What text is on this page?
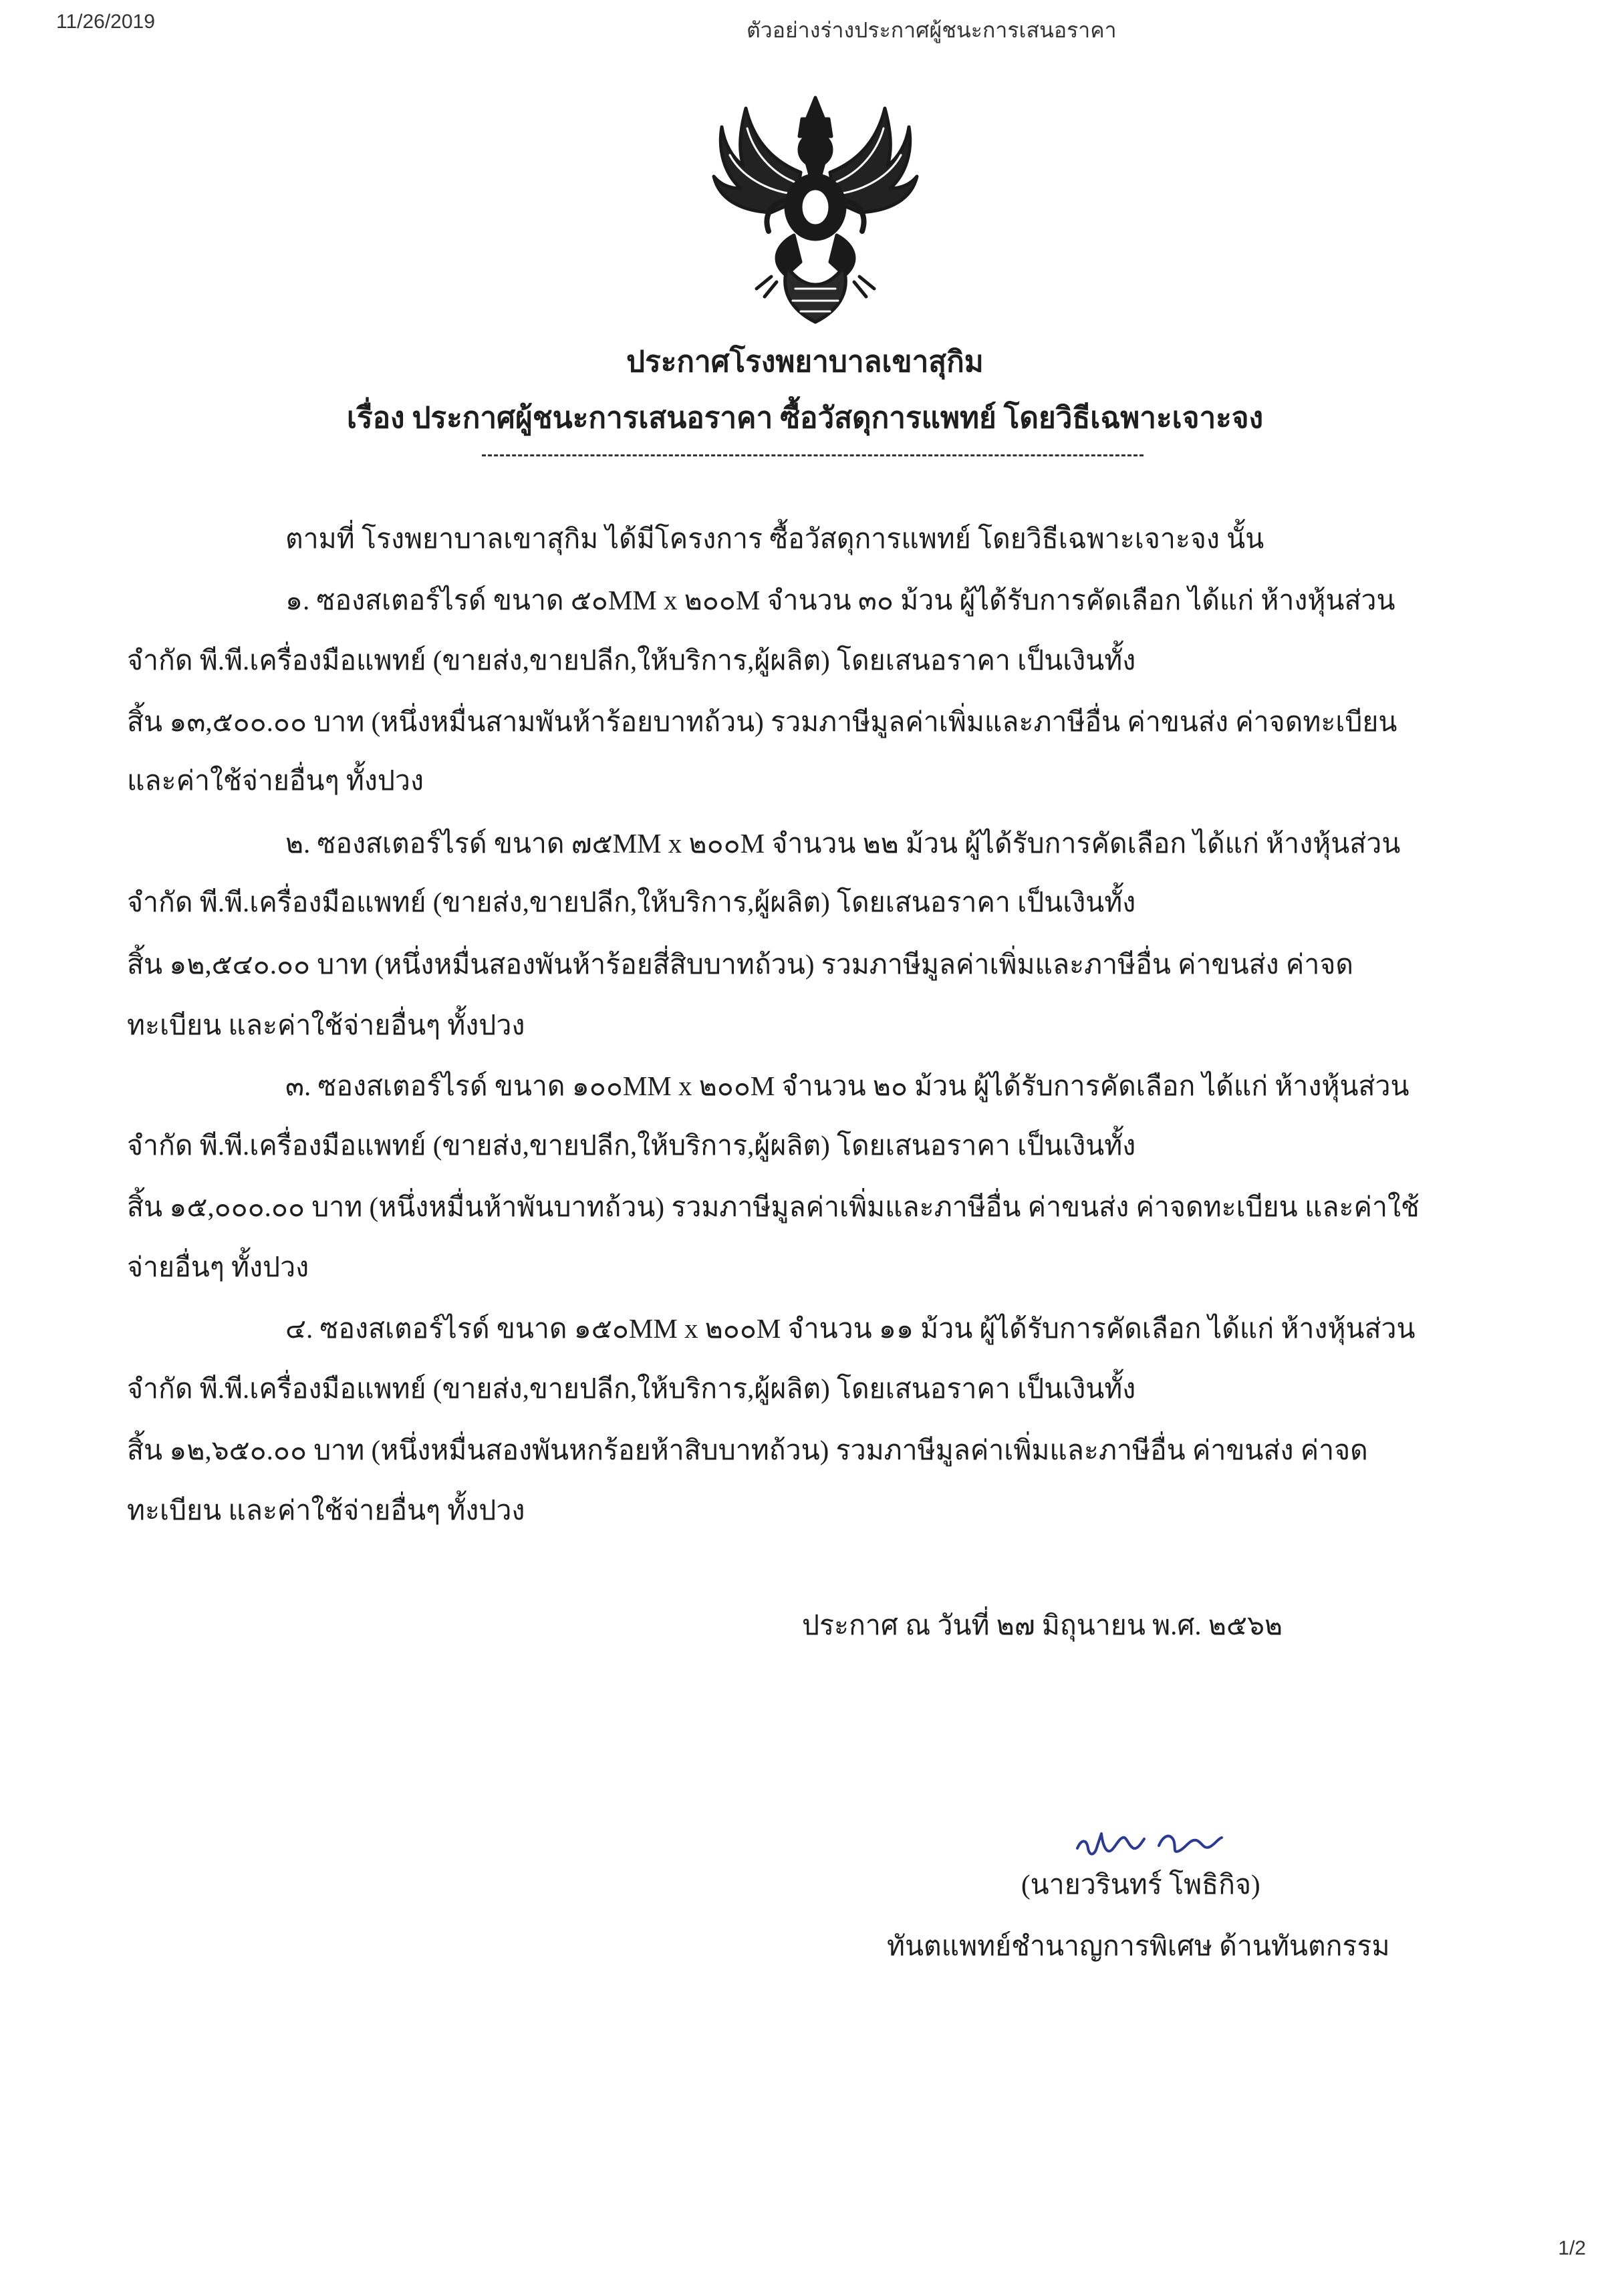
11/26/2019	ตัวอย่างร่างประกาศผู้ชนะการเสนอราคา
ประกาศโรงพยาบาลเขาสุกิม
เรื่อง ประกาศผู้ชนะการเสนอราคา ซื้อวัสดุการแพทย์ โดยวิธีเฉพาะเจาะจง
ตามที่ โรงพยาบาลเขาสุกิม ได้มีโครงการ ซื้อวัสดุการแพทย์ โดยวิธีเฉพาะเจาะจง นั้น
๑. ซองสเตอร์ไรด์ ขนาด ๕๐MM x ๒๐๐M จำนวน ๓๐ ม้วน ผู้ได้รับการคัดเลือก ได้แก่ ห้างหุ้นส่วน
จำกัด พี.พี.เครื่องมือแพทย์ (ขายส่ง,ขายปลีก,ให้บริการ,ผู้ผลิต) โดยเสนอราคา เป็นเงินทั้ง
สิ้น ๑๓,๕๐๐.๐๐ บาท (หนึ่งหมื่นสามพันห้าร้อยบาทถ้วน) รวมภาษีมูลค่าเพิ่มและภาษีอื่น ค่าขนส่ง ค่าจดทะเบียน
และค่าใช้จ่ายอื่นๆ ทั้งปวง
๒. ซองสเตอร์ไรด์ ขนาด ๗๕MM x ๒๐๐M จำนวน ๒๒ ม้วน ผู้ได้รับการคัดเลือก ได้แก่ ห้างหุ้นส่วน
จำกัด พี.พี.เครื่องมือแพทย์ (ขายส่ง,ขายปลีก,ให้บริการ,ผู้ผลิต) โดยเสนอราคา เป็นเงินทั้ง
สิ้น ๑๒,๕๔๐.๐๐ บาท (หนึ่งหมื่นสองพันห้าร้อยสี่สิบบาทถ้วน) รวมภาษีมูลค่าเพิ่มและภาษีอื่น ค่าขนส่ง ค่าจด
ทะเบียน และค่าใช้จ่ายอื่นๆ ทั้งปวง
๓. ซองสเตอร์ไรด์ ขนาด ๑๐๐MM x ๒๐๐M จำนวน ๒๐ ม้วน ผู้ได้รับการคัดเลือก ได้แก่ ห้างหุ้นส่วน
จำกัด พี.พี.เครื่องมือแพทย์ (ขายส่ง,ขายปลีก,ให้บริการ,ผู้ผลิต) โดยเสนอราคา เป็นเงินทั้ง
สิ้น ๑๕,๐๐๐.๐๐ บาท (หนึ่งหมื่นห้าพันบาทถ้วน) รวมภาษีมูลค่าเพิ่มและภาษีอื่น ค่าขนส่ง ค่าจดทะเบียน และค่าใช้
จ่ายอื่นๆ ทั้งปวง
๔. ซองสเตอร์ไรด์ ขนาด ๑๕๐MM x ๒๐๐M จำนวน ๑๑ ม้วน ผู้ได้รับการคัดเลือก ได้แก่ ห้างหุ้นส่วน
จำกัด พี.พี.เครื่องมือแพทย์ (ขายส่ง,ขายปลีก,ให้บริการ,ผู้ผลิต) โดยเสนอราคา เป็นเงินทั้ง
สิ้น ๑๒,๖๕๐.๐๐ บาท (หนึ่งหมื่นสองพันหกร้อยห้าสิบบาทถ้วน) รวมภาษีมูลค่าเพิ่มและภาษีอื่น ค่าขนส่ง ค่าจด
ทะเบียน และค่าใช้จ่ายอื่นๆ ทั้งปวง
ประกาศ ณ วันที่ ๒๗ มิถุนายน พ.ศ. ๒๕๖๒
(นายวรินทร์ โพธิกิจ)
ทันตแพทย์ชำนาญการพิเศษ ด้านทันตกรรม
1/2
